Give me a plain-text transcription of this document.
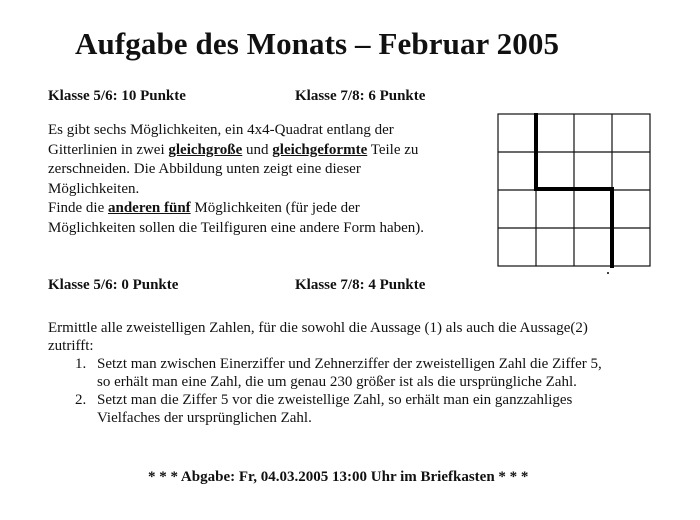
Aufgabe des Monats – Februar 2005
Klasse 5/6: 10 Punkte	Klasse 7/8: 6 Punkte
Es gibt sechs Möglichkeiten, ein 4x4-Quadrat entlang der
Gitterlinien in zwei gleichgroße und gleichgeformte Teile zu
zerschneiden. Die Abbildung unten zeigt eine dieser
Möglichkeiten.
Finde die anderen fünf Möglichkeiten (für jede der
Möglichkeiten sollen die Teilfiguren eine andere Form haben).
Klasse 5/6: 0 Punkte	Klasse 7/8: 4 Punkte
Ermittle alle zweistelligen Zahlen, für die sowohl die Aussage (1) als auch die Aussage(2)
zutrifft:
1. Setzt man zwischen Einerziffer und Zehnerziffer der zweistelligen Zahl die Ziffer 5,
so erhält man eine Zahl, die um genau 230 größer ist als die ursprüngliche Zahl.
2. Setzt man die Ziffer 5 vor die zweistellige Zahl, so erhält man ein ganzzahliges
Vielfaches der ursprünglichen Zahl.
* * * Abgabe: Fr, 04.03.2005 13:00 Uhr im Briefkasten * * *
